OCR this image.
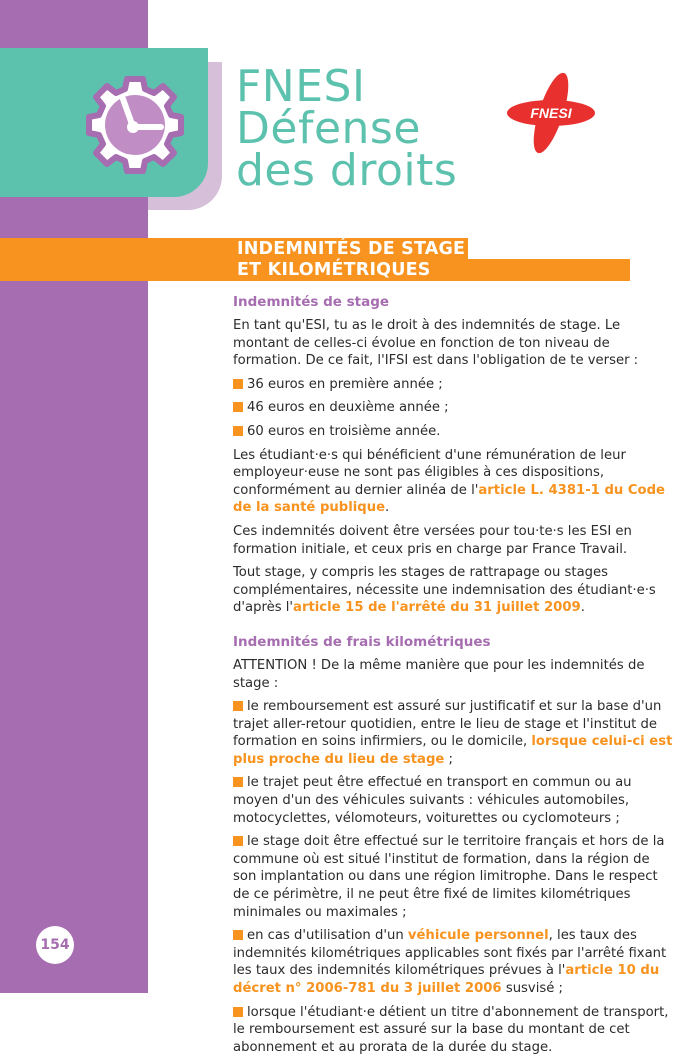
FNESI
Défense
des droits
FNESI
INDEMNITÉS DE STAGE
ET KILOMÉTRIQUES
Indemnités de stage

En tant qu'ESI, tu as le droit à des indemnités de stage. Le montant de celles-ci évolue en fonction de ton niveau de formation. De ce fait, l'IFSI est dans l'obligation de te verser :

36 euros en première année ;

46 euros en deuxième année ;

60 euros en troisième année.

Les étudiant·e·s qui bénéficient d'une rémunération de leur employeur·euse ne sont pas éligibles à ces dispositions, conformément au dernier alinéa de l'article L. 4381-1 du Code de la santé publique.

Ces indemnités doivent être versées pour tou·te·s les ESI en formation initiale, et ceux pris en charge par France Travail.

Tout stage, y compris les stages de rattrapage ou stages complémentaires, nécessite une indemnisation des étudiant·e·s d'après l'article 15 de l'arrêté du 31 juillet 2009.

Indemnités de frais kilométriques

ATTENTION ! De la même manière que pour les indemnités de stage :

le remboursement est assuré sur justificatif et sur la base d'un trajet aller-retour quotidien, entre le lieu de stage et l'institut de formation en soins infirmiers, ou le domicile, lorsque celui-ci est plus proche du lieu de stage ;

le trajet peut être effectué en transport en commun ou au moyen d'un des véhicules suivants : véhicules automobiles, motocyclettes, vélomoteurs, voiturettes ou cyclomoteurs ;

le stage doit être effectué sur le territoire français et hors de la commune où est situé l'institut de formation, dans la région de son implantation ou dans une région limitrophe. Dans le respect de ce périmètre, il ne peut être fixé de limites kilométriques minimales ou maximales ;

en cas d'utilisation d'un véhicule personnel, les taux des indemnités kilométriques applicables sont fixés par l'arrêté fixant les taux des indemnités kilométriques prévues à l'article 10 du décret n° 2006-781 du 3 juillet 2006 susvisé ;

lorsque l'étudiant·e détient un titre d'abonnement de transport, le remboursement est assuré sur la base du montant de cet abonnement et au prorata de la durée du stage.

154
